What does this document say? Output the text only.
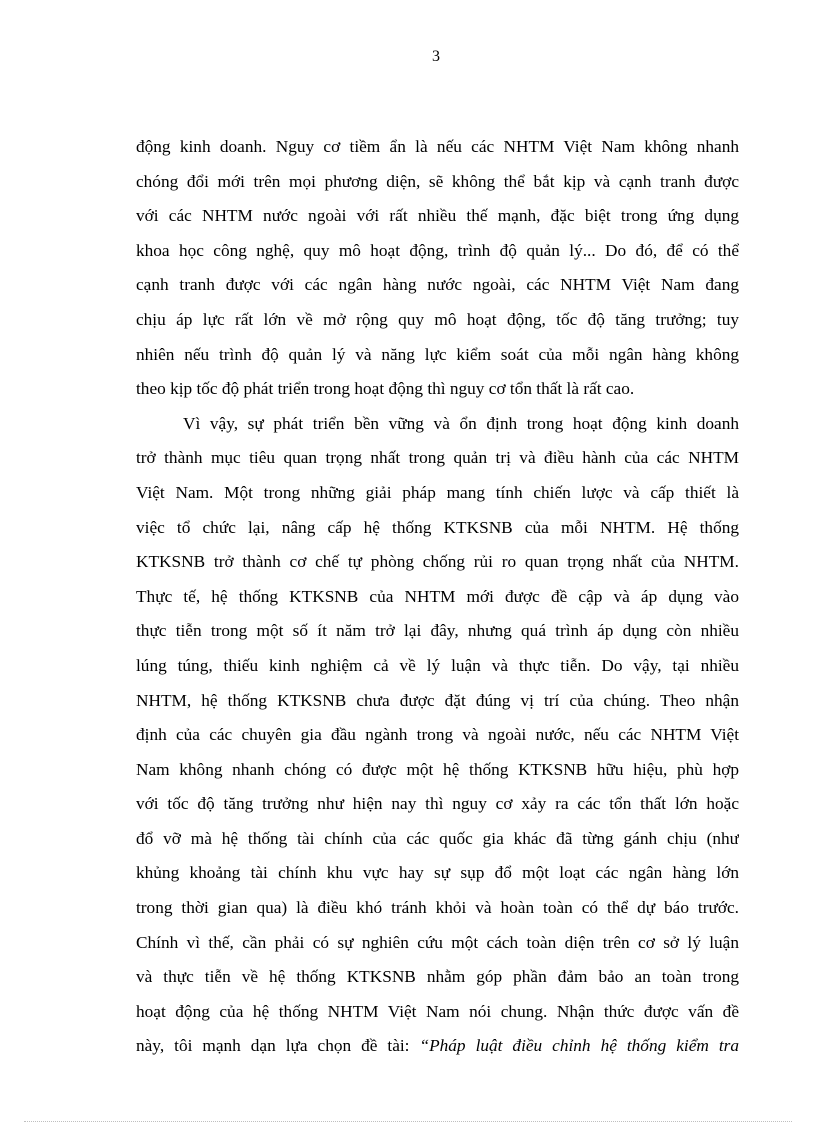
3
động kinh doanh. Nguy cơ tiềm ẩn là nếu các NHTM Việt Nam không nhanh
chóng đổi mới trên mọi phương diện, sẽ không thể bắt kịp và cạnh tranh được
với các NHTM nước ngoài với rất nhiều thế mạnh, đặc biệt trong ứng dụng
khoa học công nghệ, quy mô hoạt động, trình độ quản lý... Do đó, để có thể
cạnh tranh được với các ngân hàng nước ngoài, các NHTM Việt Nam đang
chịu áp lực rất lớn về mở rộng quy mô hoạt động, tốc độ tăng trưởng; tuy
nhiên nếu trình độ quản lý và năng lực kiểm soát của mỗi ngân hàng không
theo kịp tốc độ phát triển trong hoạt động thì nguy cơ tổn thất là rất cao.
Vì vậy, sự phát triển bền vững và ổn định trong hoạt động kinh doanh
trở thành mục tiêu quan trọng nhất trong quản trị và điều hành của các NHTM
Việt Nam. Một trong những giải pháp mang tính chiến lược và cấp thiết là
việc tổ chức lại, nâng cấp hệ thống KTKSNB của mỗi NHTM. Hệ thống
KTKSNB trở thành cơ chế tự phòng chống rủi ro quan trọng nhất của NHTM.
Thực tế, hệ thống KTKSNB của NHTM mới được đề cập và áp dụng vào
thực tiễn trong một số ít năm trở lại đây, nhưng quá trình áp dụng còn nhiều
lúng túng, thiếu kinh nghiệm cả về lý luận và thực tiễn. Do vậy, tại nhiều
NHTM, hệ thống KTKSNB chưa được đặt đúng vị trí của chúng. Theo nhận
định của các chuyên gia đầu ngành trong và ngoài nước, nếu các NHTM Việt
Nam không nhanh chóng có được một hệ thống KTKSNB hữu hiệu, phù hợp
với tốc độ tăng trưởng như hiện nay thì nguy cơ xảy ra các tổn thất lớn hoặc
đổ vỡ mà hệ thống tài chính của các quốc gia khác đã từng gánh chịu (như
khủng khoảng tài chính khu vực hay sự sụp đổ một loạt các ngân hàng lớn
trong thời gian qua) là điều khó tránh khỏi và hoàn toàn có thể dự báo trước.
Chính vì thế, cần phải có sự nghiên cứu một cách toàn diện trên cơ sở lý luận
và thực tiễn về hệ thống KTKSNB nhằm góp phần đảm bảo an toàn trong
hoạt động của hệ thống NHTM Việt Nam nói chung. Nhận thức được vấn đề
này, tôi mạnh dạn lựa chọn đề tài: “Pháp luật điều chỉnh hệ thống kiểm tra
